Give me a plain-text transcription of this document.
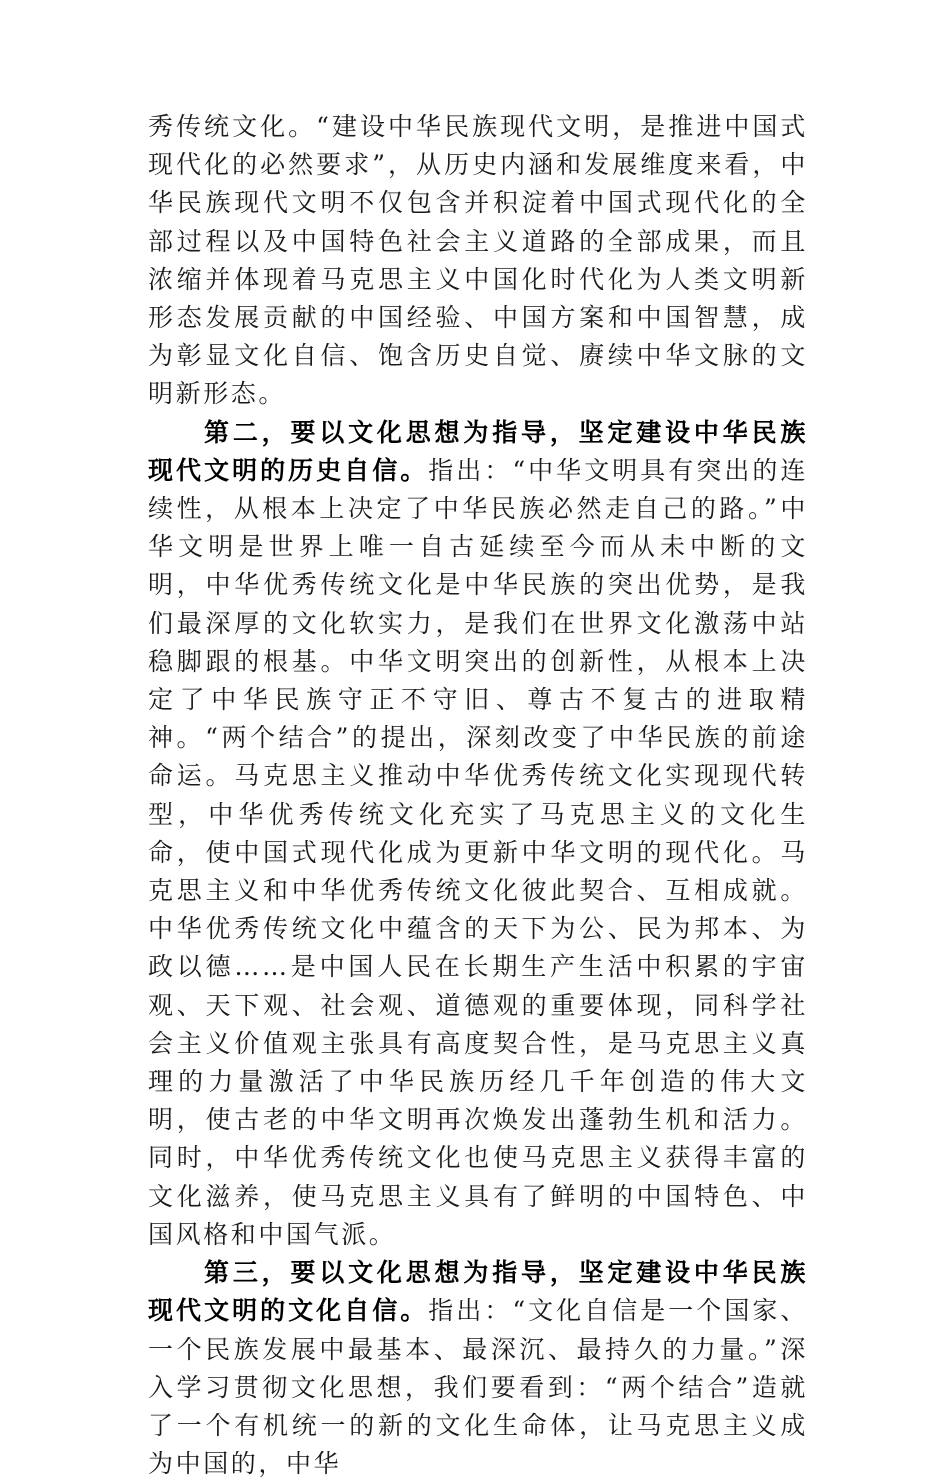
秀传统文化。“建设中华民族现代文明，是推进中国式现代化的必然要求”，从历史内涵和发展维度来看，中华民族现代文明不仅包含并积淀着中国式现代化的全部过程以及中国特色社会主义道路的全部成果，而且浓缩并体现着马克思主义中国化时代化为人类文明新形态发展贡献的中国经验、中国方案和中国智慧，成为彰显文化自信、饱含历史自觉、赓续中华文脉的文明新形态。

第二，要以文化思想为指导，坚定建设中华民族现代文明的历史自信。指出：“中华文明具有突出的连续性，从根本上决定了中华民族必然走自己的路。”中华文明是世界上唯一自古延续至今而从未中断的文明，中华优秀传统文化是中华民族的突出优势，是我们最深厚的文化软实力，是我们在世界文化激荡中站稳脚跟的根基。中华文明突出的创新性，从根本上决定了中华民族守正不守旧、尊古不复古的进取精神。“两个结合”的提出，深刻改变了中华民族的前途命运。马克思主义推动中华优秀传统文化实现现代转型，中华优秀传统文化充实了马克思主义的文化生命，使中国式现代化成为更新中华文明的现代化。马克思主义和中华优秀传统文化彼此契合、互相成就。中华优秀传统文化中蕴含的天下为公、民为邦本、为政以德……是中国人民在长期生产生活中积累的宇宙观、天下观、社会观、道德观的重要体现，同科学社会主义价值观主张具有高度契合性，是马克思主义真理的力量激活了中华民族历经几千年创造的伟大文明，使古老的中华文明再次焕发出蓬勃生机和活力。同时，中华优秀传统文化也使马克思主义获得丰富的文化滋养，使马克思主义具有了鲜明的中国特色、中国风格和中国气派。

第三，要以文化思想为指导，坚定建设中华民族现代文明的文化自信。指出：“文化自信是一个国家、一个民族发展中最基本、最深沉、最持久的力量。”深入学习贯彻文化思想，我们要看到：“两个结合”造就了一个有机统一的新的文化生命体，让马克思主义成为中国的，中华
